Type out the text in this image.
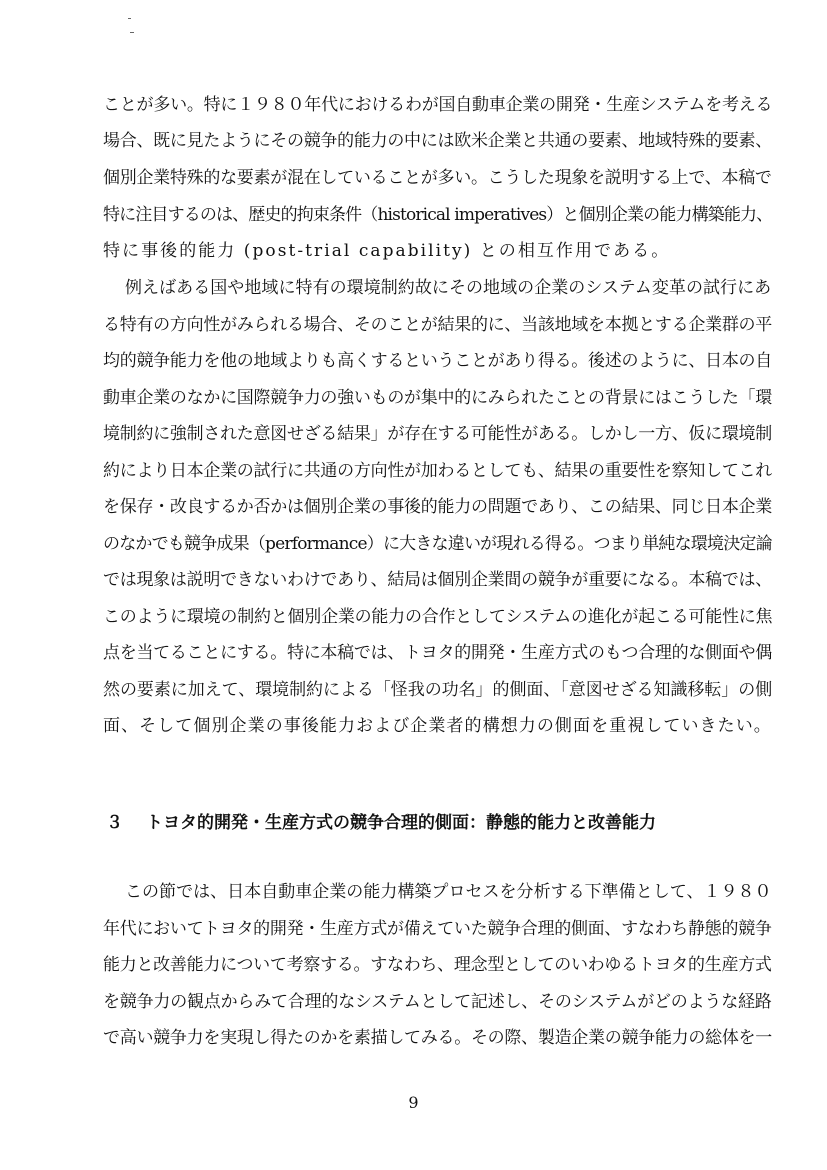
ことが多い。特に１９８０年代におけるわが国自動車企業の開発・生産システムを考える
場合、既に見たようにその競争的能力の中には欧米企業と共通の要素、地域特殊的要素、
個別企業特殊的な要素が混在していることが多い。こうした現象を説明する上で、本稿で
特に注目するのは、歴史的拘束条件（historical imperatives）と個別企業の能力構築能力、
特に事後的能力 (post-trial capability) との相互作用である。
例えばある国や地域に特有の環境制約故にその地域の企業のシステム変革の試行にあ
る特有の方向性がみられる場合、そのことが結果的に、当該地域を本拠とする企業群の平
均的競争能力を他の地域よりも高くするということがあり得る。後述のように、日本の自
動車企業のなかに国際競争力の強いものが集中的にみられたことの背景にはこうした「環
境制約に強制された意図せざる結果」が存在する可能性がある。しかし一方、仮に環境制
約により日本企業の試行に共通の方向性が加わるとしても、結果の重要性を察知してこれ
を保存・改良するか否かは個別企業の事後的能力の問題であり、この結果、同じ日本企業
のなかでも競争成果（performance）に大きな違いが現れる得る。つまり単純な環境決定論
では現象は説明できないわけであり、結局は個別企業間の競争が重要になる。本稿では、
このように環境の制約と個別企業の能力の合作としてシステムの進化が起こる可能性に焦
点を当てることにする。特に本稿では、トヨタ的開発・生産方式のもつ合理的な側面や偶
然の要素に加えて、環境制約による「怪我の功名」的側面、「意図せざる知識移転」の側
面、そして個別企業の事後能力および企業者的構想力の側面を重視していきたい。
３ トヨタ的開発・生産方式の競争合理的側面：静態的能力と改善能力
この節では、日本自動車企業の能力構築プロセスを分析する下準備として、１９８０
年代においてトヨタ的開発・生産方式が備えていた競争合理的側面、すなわち静態的競争
能力と改善能力について考察する。すなわち、理念型としてのいわゆるトヨタ的生産方式
を競争力の観点からみて合理的なシステムとして記述し、そのシステムがどのような経路
で高い競争力を実現し得たのかを素描してみる。その際、製造企業の競争能力の総体を一
9
